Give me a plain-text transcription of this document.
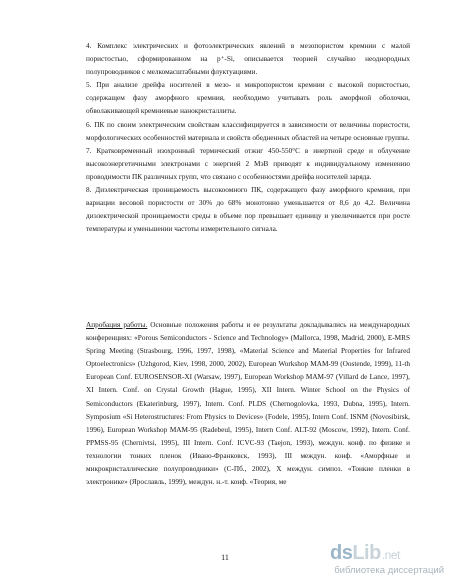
4. Комплекс электрических и фотоэлектрических явлений в мезопористом кремнии с малой пористостью, сформированном на p⁺-Si, описывается теорией случайно неоднородных полупроводников с мелкомасштабными флуктуациями.

5. При анализе дрейфа носителей в мезо- и микропористом кремнии с высокой пористостью, содержащем фазу аморфного кремния, необходимо учитывать роль аморфной оболочки, обволакивающей кремниевые нанокристаллиты.

6. ПК по своим электрическим свойствам классифицируется в зависимости от величины пористости, морфологических особенностей материала и свойств обедненных областей на четыре основные группы.

7. Кратковременный изохронный термический отжиг 450-550°С в инертной среде и облучение высокоэнергетичными электронами с энергией 2 МэВ приводят к индивидуальному изменению проводимости ПК различных групп, что связано с особенностями дрейфа носителей заряда.

8. Диэлектрическая проницаемость высокоомного ПК, содержащего фазу аморфного кремния, при вариации весовой пористости от 30% до 68% монотонно уменьшается от 8,6 до 4,2. Величина диэлектрической проницаемости среды в объеме пор превышает единицу и увеличивается при росте температуры и уменьшении частоты измерительного сигнала.

Апробация работы. Основные положения работы и ее результаты докладывались на международных конференциях: «Porous Semiconductors - Science and Technology» (Mallorca, 1998, Madrid, 2000), E-MRS Spring Meeting (Strasbourg, 1996, 1997, 1998), «Material Science and Material Properties for Infrared Optoelectronics» (Uzhgorod, Kiev, 1998, 2000, 2002), European Workshop MAM-99 (Oostende, 1999), 11-th European Conf. EUROSENSOR-XI (Warsaw, 1997), European Workshop MAM-97 (Villard de Lance, 1997), XI Intern. Conf. on Crystal Growth (Hague, 1995), XII Intern. Winter School on the Physics of Semiconductors (Ekaterinburg, 1997), Intern. Conf. PLDS (Chernogolovka, 1993, Dubna, 1995), Intern. Symposium «Si Heterostructures: From Physics to Devices» (Fodele, 1995), Intern Conf. ISNM (Novosibirsk, 1996), European Workshop MAM-95 (Radebeul, 1995), Intern Conf. ALT-92 (Moscow, 1992), Intern. Conf. PPMSS-95 (Chernivtsi, 1995), III Intern. Conf. ICVC-93 (Taejon, 1993), междун. конф. по физике и технологии тонких пленок (Ивано-Франковск, 1993), III междун. конф. «Аморфные и микрокристаллические полупроводники» (С-Пб., 2002), X междун. симпоз. «Тонкие пленки в электронике» (Ярославль, 1999), междун. н.-т. конф. «Теория, ме

11	ds Lib .net
библиотека диссертаций
